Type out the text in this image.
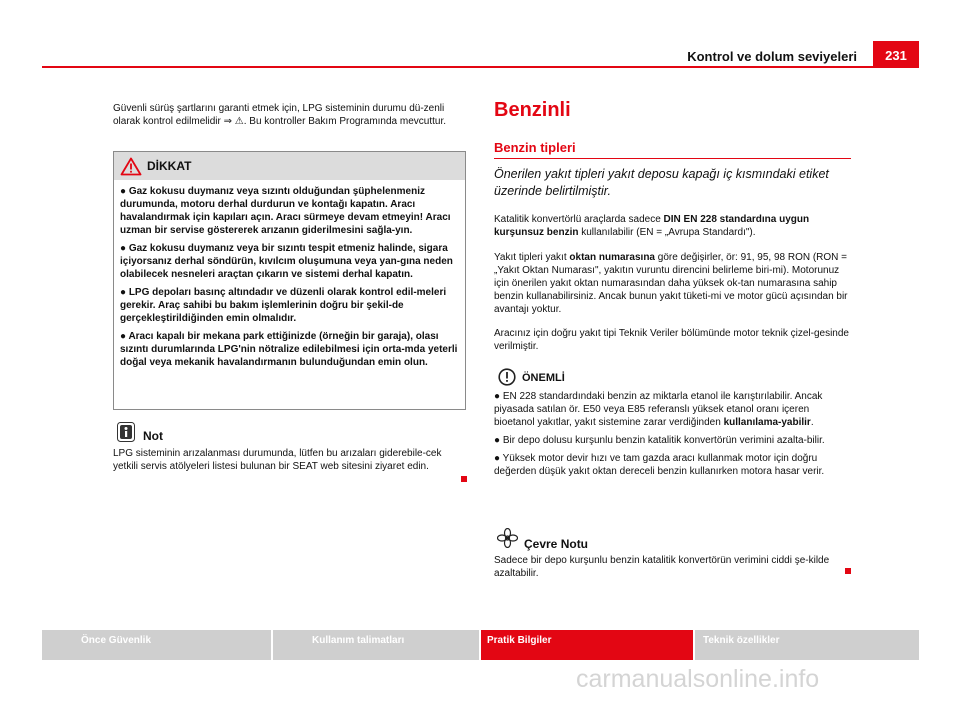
Kontrol ve dolum seviyeleri	231

Güvenli sürüş şartlarını garanti etmek için, LPG sisteminin durumu dü-zenli olarak kontrol edilmelidir ⇒ ⚠. Bu kontroller Bakım Programında mevcuttur.

DİKKAT

● Gaz kokusu duymanız veya sızıntı olduğundan şüphelenmeniz durumunda, motoru derhal durdurun ve kontağı kapatın. Aracı havalandırmak için kapıları açın. Aracı sürmeye devam etmeyin! Aracı uzman bir servise göstererek arızanın giderilmesini sağla-yın.

● Gaz kokusu duymanız veya bir sızıntı tespit etmeniz halinde, sigara içiyorsanız derhal söndürün, kıvılcım oluşumuna veya yan-gına neden olabilecek nesneleri araçtan çıkarın ve sistemi derhal kapatın.

● LPG depoları basınç altındadır ve düzenli olarak kontrol edil-meleri gerekir. Araç sahibi bu bakım işlemlerinin doğru bir şekil-de gerçekleştirildiğinden emin olmalıdır.

● Aracı kapalı bir mekana park ettiğinizde (örneğin bir garaja), olası sızıntı durumlarında LPG'nin nötralize edilebilmesi için orta-mda yeterli doğal veya mekanik havalandırmanın bulunduğundan emin olun.

Not

LPG sisteminin arızalanması durumunda, lütfen bu arızaları giderebile-cek yetkili servis atölyeleri listesi bulunan bir SEAT web sitesini ziyaret edin.

Benzinli
Benzin tipleri

Önerilen yakıt tipleri yakıt deposu kapağı iç kısmındaki etiket üzerinde belirtilmiştir.

Katalitik konvertörlü araçlarda sadece DIN EN 228 standardına uygun kurşunsuz benzin kullanılabilir (EN = „Avrupa Standardı").

Yakıt tipleri yakıt oktan numarasına göre değişirler, ör: 91, 95, 98 RON (RON = „Yakıt Oktan Numarası", yakıtın vuruntu direncini belirleme biri-mi). Motorunuz için önerilen yakıt oktan numarasından daha yüksek ok-tan numarasına sahip benzin kullanabilirsiniz. Ancak bunun yakıt tüketi-mi ve motor gücü açısından bir avantajı yoktur.

Aracınız için doğru yakıt tipi Teknik Veriler bölümünde motor teknik çizel-gesinde verilmiştir.

ÖNEMLİ

● EN 228 standardındaki benzin az miktarla etanol ile karıştırılabilir. Ancak piyasada satılan ör. E50 veya E85 referanslı yüksek etanol oranı içeren bioetanol yakıtlar, yakıt sistemine zarar verdiğinden kullanılama-yabilir.

● Bir depo dolusu kurşunlu benzin katalitik konvertörün verimini azalta-bilir.

● Yüksek motor devir hızı ve tam gazda aracı kullanmak motor için doğru değerden düşük yakıt oktan dereceli benzin kullanırken motora hasar verir.

Çevre Notu

Sadece bir depo kurşunlu benzin katalitik konvertörün verimini ciddi şe-kilde azaltabilir.

Önce Güvenlik	Kullanım talimatları	Pratik Bilgiler	Teknik özellikler
carmanualsonline.info
